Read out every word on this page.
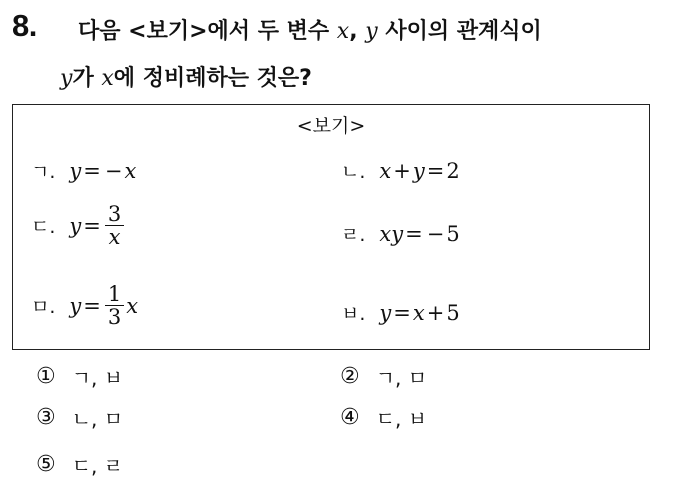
8. 다음 <보기>에서 두 변수 x, y 사이의 관계식이
y가 x에 정비례하는 것은?
<보기>
ㄱ. y = − x	ㄴ. x + y = 2
ㄷ. $y = \frac{3}{x}$	ㄹ. xy = − 5
ㅁ. $y = \frac{1}{3}$ x	ㅂ. y = x + 5
① ㄱ, ㅂ	② ㄱ, ㅁ
③ ㄴ, ㅁ	④ ㄷ, ㅂ
⑤ ㄷ, ㄹ
